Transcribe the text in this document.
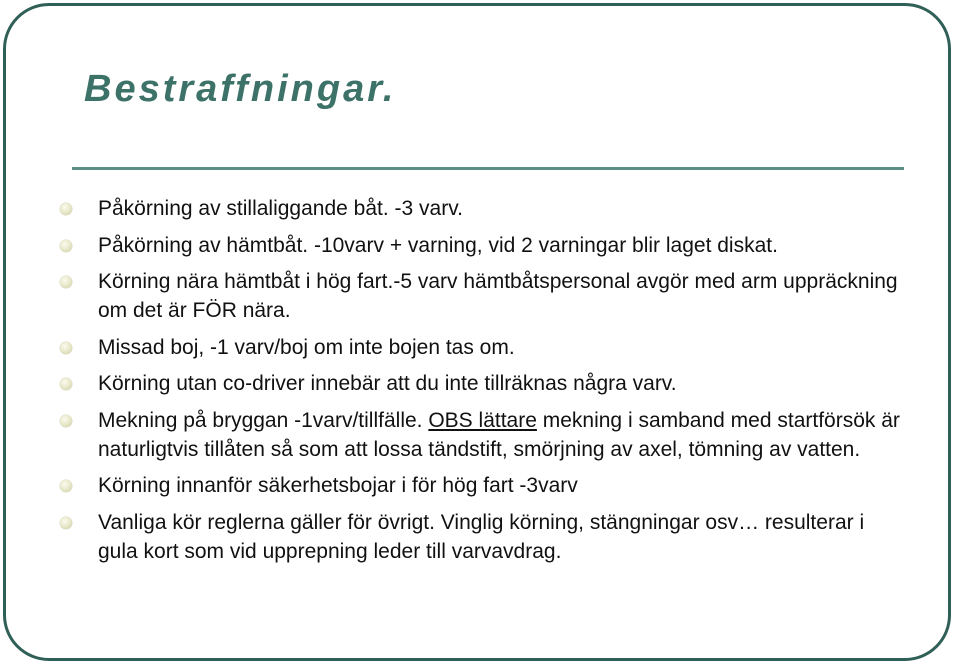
Bestraffningar.
Påkörning av stillaliggande båt. -3 varv.
Påkörning av hämtbåt. -10varv + varning, vid 2 varningar blir laget diskat.
Körning nära hämtbåt i hög fart.-5 varv hämtbåtspersonal avgör med arm uppräckning om det är FÖR nära.
Missad boj, -1 varv/boj om inte bojen tas om.
Körning utan co-driver innebär att du inte tillräknas några varv.
Mekning på bryggan -1varv/tillfälle. OBS lättare mekning i samband med startförsök är naturligtvis tillåten så som att lossa tändstift, smörjning av axel, tömning av vatten.
Körning innanför säkerhetsbojar i för hög fart -3varv
Vanliga kör reglerna gäller för övrigt. Vinglig körning, stängningar osv… resulterar i gula kort som vid upprepning leder till varvavdrag.
